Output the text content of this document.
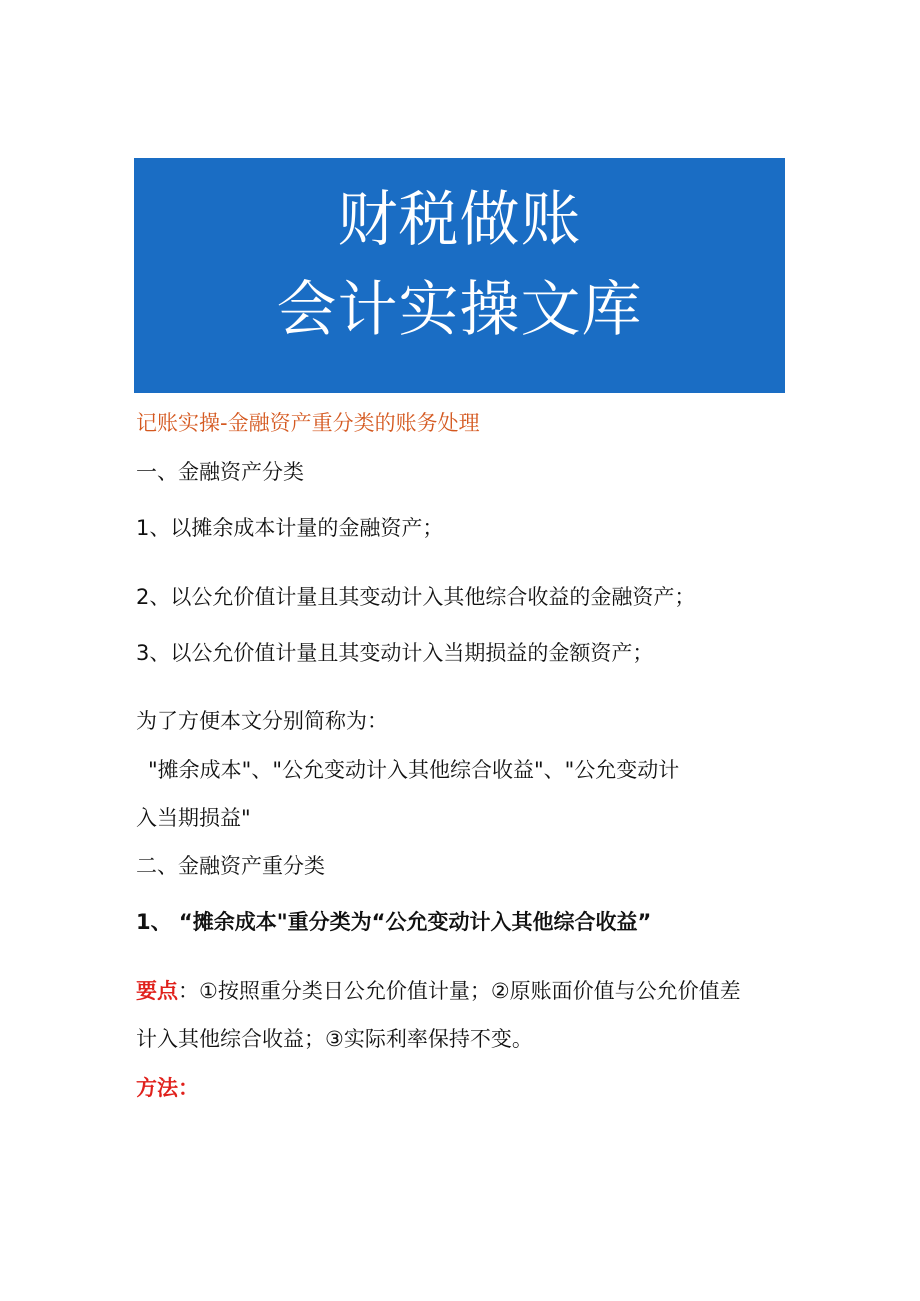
财税做账
会计实操文库
记账实操-金融资产重分类的账务处理
一、金融资产分类
1、以摊余成本计量的金融资产；
2、以公允价值计量且其变动计入其他综合收益的金融资产；
3、以公允价值计量且其变动计入当期损益的金额资产；
为了方便本文分别简称为：
"摊余成本"、"公允变动计入其他综合收益"、"公允变动计
入当期损益"
二、金融资产重分类
1、 “摊余成本"重分类为“公允变动计入其他综合收益”
要点：①按照重分类日公允价值计量；②原账面价值与公允价值差
计入其他综合收益；③实际利率保持不变。
方法：
